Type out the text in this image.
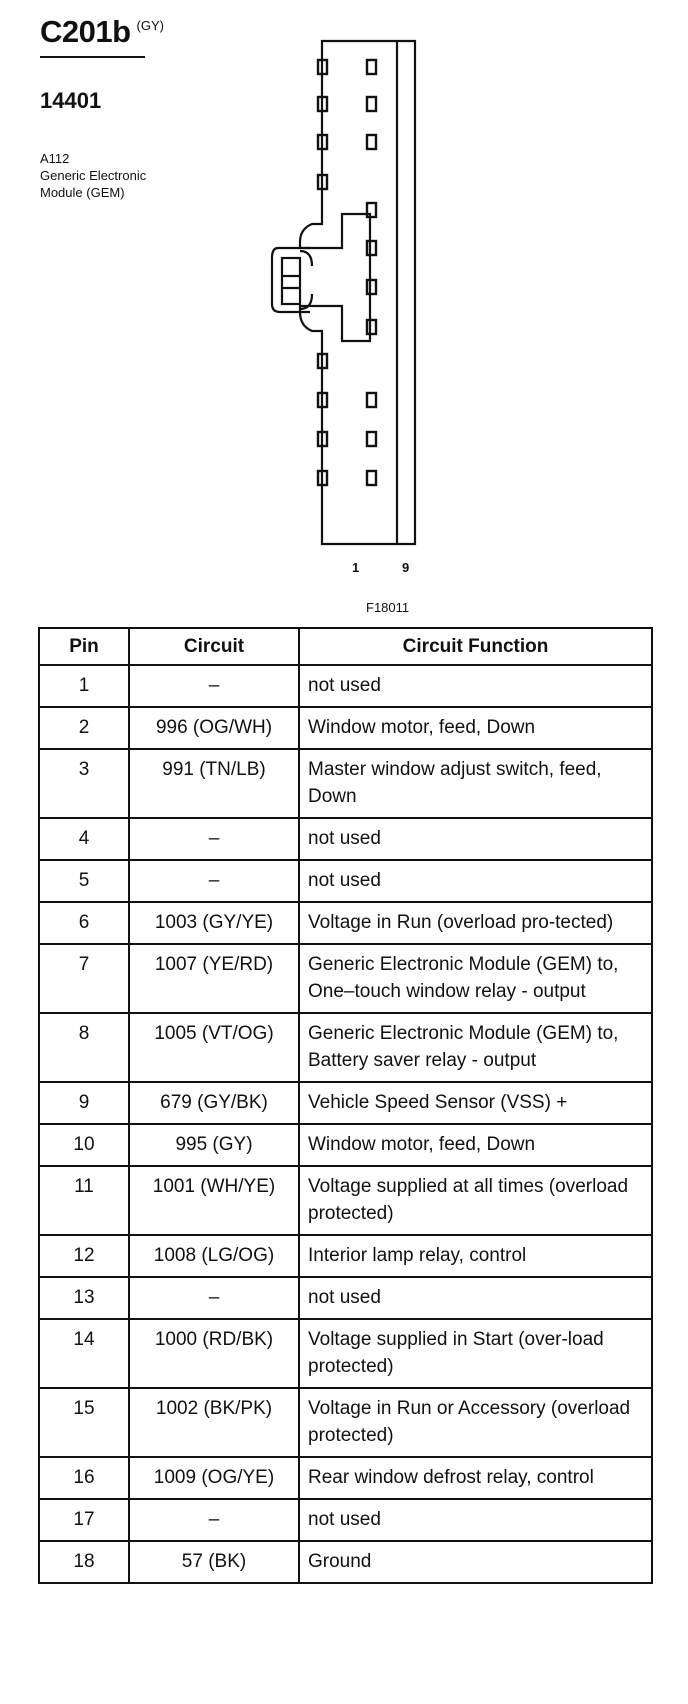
C201b $^{(GY)}$
14401
A112
Generic Electronic
Module (GEM)
1	9
F18011
Pin	Circuit	Circuit Function
1	–	not used
2	996 (OG/WH)	Window motor, feed, Down
3	991 (TN/LB)	Master window adjust switch, feed, Down
4	–	not used
5	–	not used
6	1003 (GY/YE)	Voltage in Run (overload pro-tected)
7	1007 (YE/RD)	Generic Electronic Module (GEM) to, One–touch window relay - output
8	1005 (VT/OG)	Generic Electronic Module (GEM) to, Battery saver relay - output
9	679 (GY/BK)	Vehicle Speed Sensor (VSS) +
10	995 (GY)	Window motor, feed, Down
11	1001 (WH/YE)	Voltage supplied at all times (overload protected)
12	1008 (LG/OG)	Interior lamp relay, control
13	–	not used
14	1000 (RD/BK)	Voltage supplied in Start (over-load protected)
15	1002 (BK/PK)	Voltage in Run or Accessory (overload protected)
16	1009 (OG/YE)	Rear window defrost relay, control
17	–	not used
18	57 (BK)	Ground
